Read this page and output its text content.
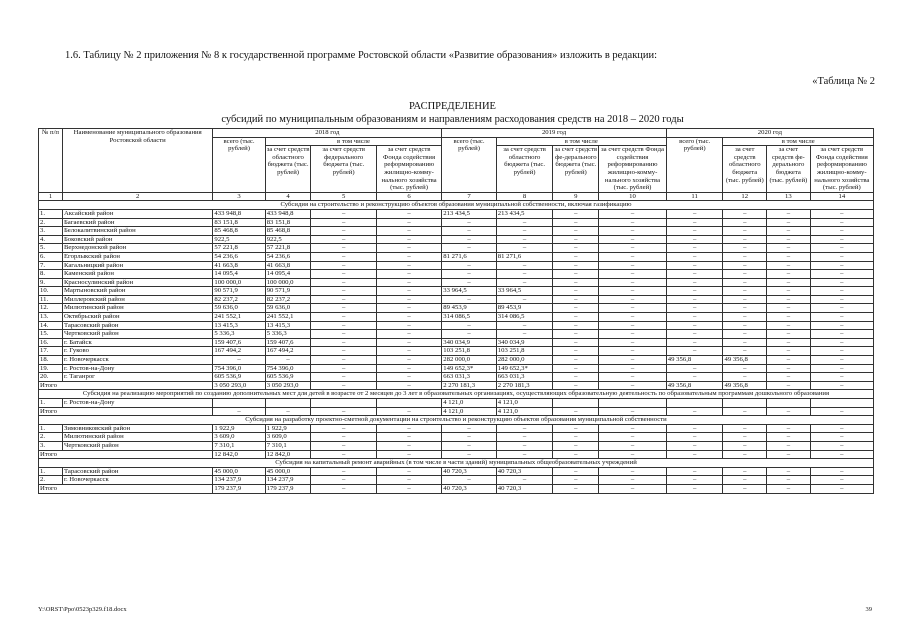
1.6. Таблицу № 2 приложения № 8 к государственной программе Ростовской области «Развитие образования» изложить в редакции:
«Таблица № 2
РАСПРЕДЕЛЕНИЕ
субсидий по муниципальным образованиям и направлениям расходования средств на 2018 – 2020 годы
№ п/п	Наименование муниципального образования Ростовской области	2018 год				2019 год				2020 год			
		всего (тыс. рублей)	в том числе			всего (тыс. рублей)	в том числе			всего (тыс. рублей)	в том числе		
			за счет средств областного бюджета (тыс. рублей)	за счет средств федерального бюджета (тыс. рублей)	за счет средств Фонда содействия реформированию жилищно-комму-нального хозяйства (тыс. рублей)		за счет средств областного бюджета (тыс. рублей)	за счет средств фе-дерального бюджета (тыс. рублей)	за счет средств Фонда содействия реформированию жилищно-комму-нального хозяйства (тыс. рублей)		за счет средств областного бюджета (тыс. рублей)	за счет средств фе-дерального бюджета (тыс. рублей)	за счет средств Фонда содействия реформированию жилищно-комму-нального хозяйства (тыс. рублей)
1	2	3	4	5	6	7	8	9	10	11	12	13	14
Субсидия на строительство и реконструкцию объектов образования муниципальной собственности, включая газификацию													
1.	Аксайский район	433 948,8	433 948,8	–	–	213 434,5	213 434,5	–	–	–	–	–	–
2.	Багаевский район	83 151,8	83 151,8	–	–	–	–	–	–	–	–	–	–
3.	Белокалитвинский район	85 468,8	85 468,8	–	–	–	–	–	–	–	–	–	–
4.	Боковский район	922,5	922,5	–	–	–	–	–	–	–	–	–	–
5.	Верхнедонской район	57 221,8	57 221,8	–	–	–	–	–	–	–	–	–	–
6.	Егорлыкский район	54 236,6	54 236,6	–	–	81 271,6	81 271,6	–	–	–	–	–	–
7.	Кагальницкий район	41 663,8	41 663,8	–	–	–	–	–	–	–	–	–	–
8.	Каменский район	14 095,4	14 095,4	–	–	–	–	–	–	–	–	–	–
9.	Красносулинский район	100 000,0	100 000,0	–	–	–	–	–	–	–	–	–	–
10.	Мартыновский район	90 571,9	90 571,9	–	–	33 964,5	33 964,5	–	–	–	–	–	–
11.	Миллеровский район	82 237,2	82 237,2	–	–	–	–	–	–	–	–	–	–
12.	Милютинский район	59 636,0	59 636,0	–	–	89 453,9	89 453,9	–	–	–	–	–	–
13.	Октябрьский район	241 552,1	241 552,1	–	–	314 086,5	314 086,5	–	–	–	–	–	–
14.	Тарасовский район	13 415,3	13 415,3	–	–	–	–	–	–	–	–	–	–
15.	Чертковский район	5 336,3	5 336,3	–	–	–	–	–	–	–	–	–	–
16.	г. Батайск	159 407,6	159 407,6	–	–	340 034,9	340 034,9	–	–	–	–	–	–
17.	г. Гуково	167 494,2	167 494,2	–	–	103 251,8	103 251,8	–	–	–	–	–	–
18.	г. Новочеркасск	–	–	–	–	282 000,0	282 000,0	–	–	49 356,8	49 356,8	–	–
19.	г. Ростов-на-Дону	754 396,0	754 396,0	–	–	149 652,3*	149 652,3*	–	–	–	–	–	–
20.	г. Таганрог	605 536,9	605 536,9	–	–	663 031,3	663 031,3	–	–	–	–	–	–
Итого		3 050 293,0	3 050 293,0	–	–	2 270 181,3	2 270 181,3	–	–	49 356,8	49 356,8	–	–
Субсидия на реализацию мероприятий по созданию дополнительных мест для детей в возрасте от 2 месяцев до 3 лет в образовательных организациях, осуществляющих образовательную деятельность по образовательным программам дошкольного образования													
1.	г. Ростов-на-Дону					4 121,0	4 121,0						
Итого		–	–	–	–	4 121,0	4 121,0	–	–	–	–	–	–
Субсидия на разработку проектно-сметной документации на строительство и реконструкцию объектов образования муниципальной собственности													
1.	Зимовниковский район	1 922,9	1 922,9	–	–	–	–	–	–	–	–	–	–
2.	Милютинский район	3 609,0	3 609,0	–	–	–	–	–	–	–	–	–	–
3.	Чертковский район	7 310,1	7 310,1	–	–	–	–	–	–	–	–	–	–
Итого		12 842,0	12 842,0	–	–	–	–	–	–	–	–	–	–
Субсидия на капитальный ремонт аварийных (в том числе в части зданий) муниципальных общеобразовательных учреждений													
1.	Тарасовский район	45 000,0	45 000,0	–	–	40 720,3	40 720,3	–	–	–	–	–	–
2.	г. Новочеркасск	134 237,9	134 237,9	–	–	–	–	–	–	–	–	–	–
Итого		179 237,9	179 237,9	–	–	40 720,3	40 720,3	–	–	–	–	–	–
Y:\ORST\Ppo\0523p329.f18.docx	39
